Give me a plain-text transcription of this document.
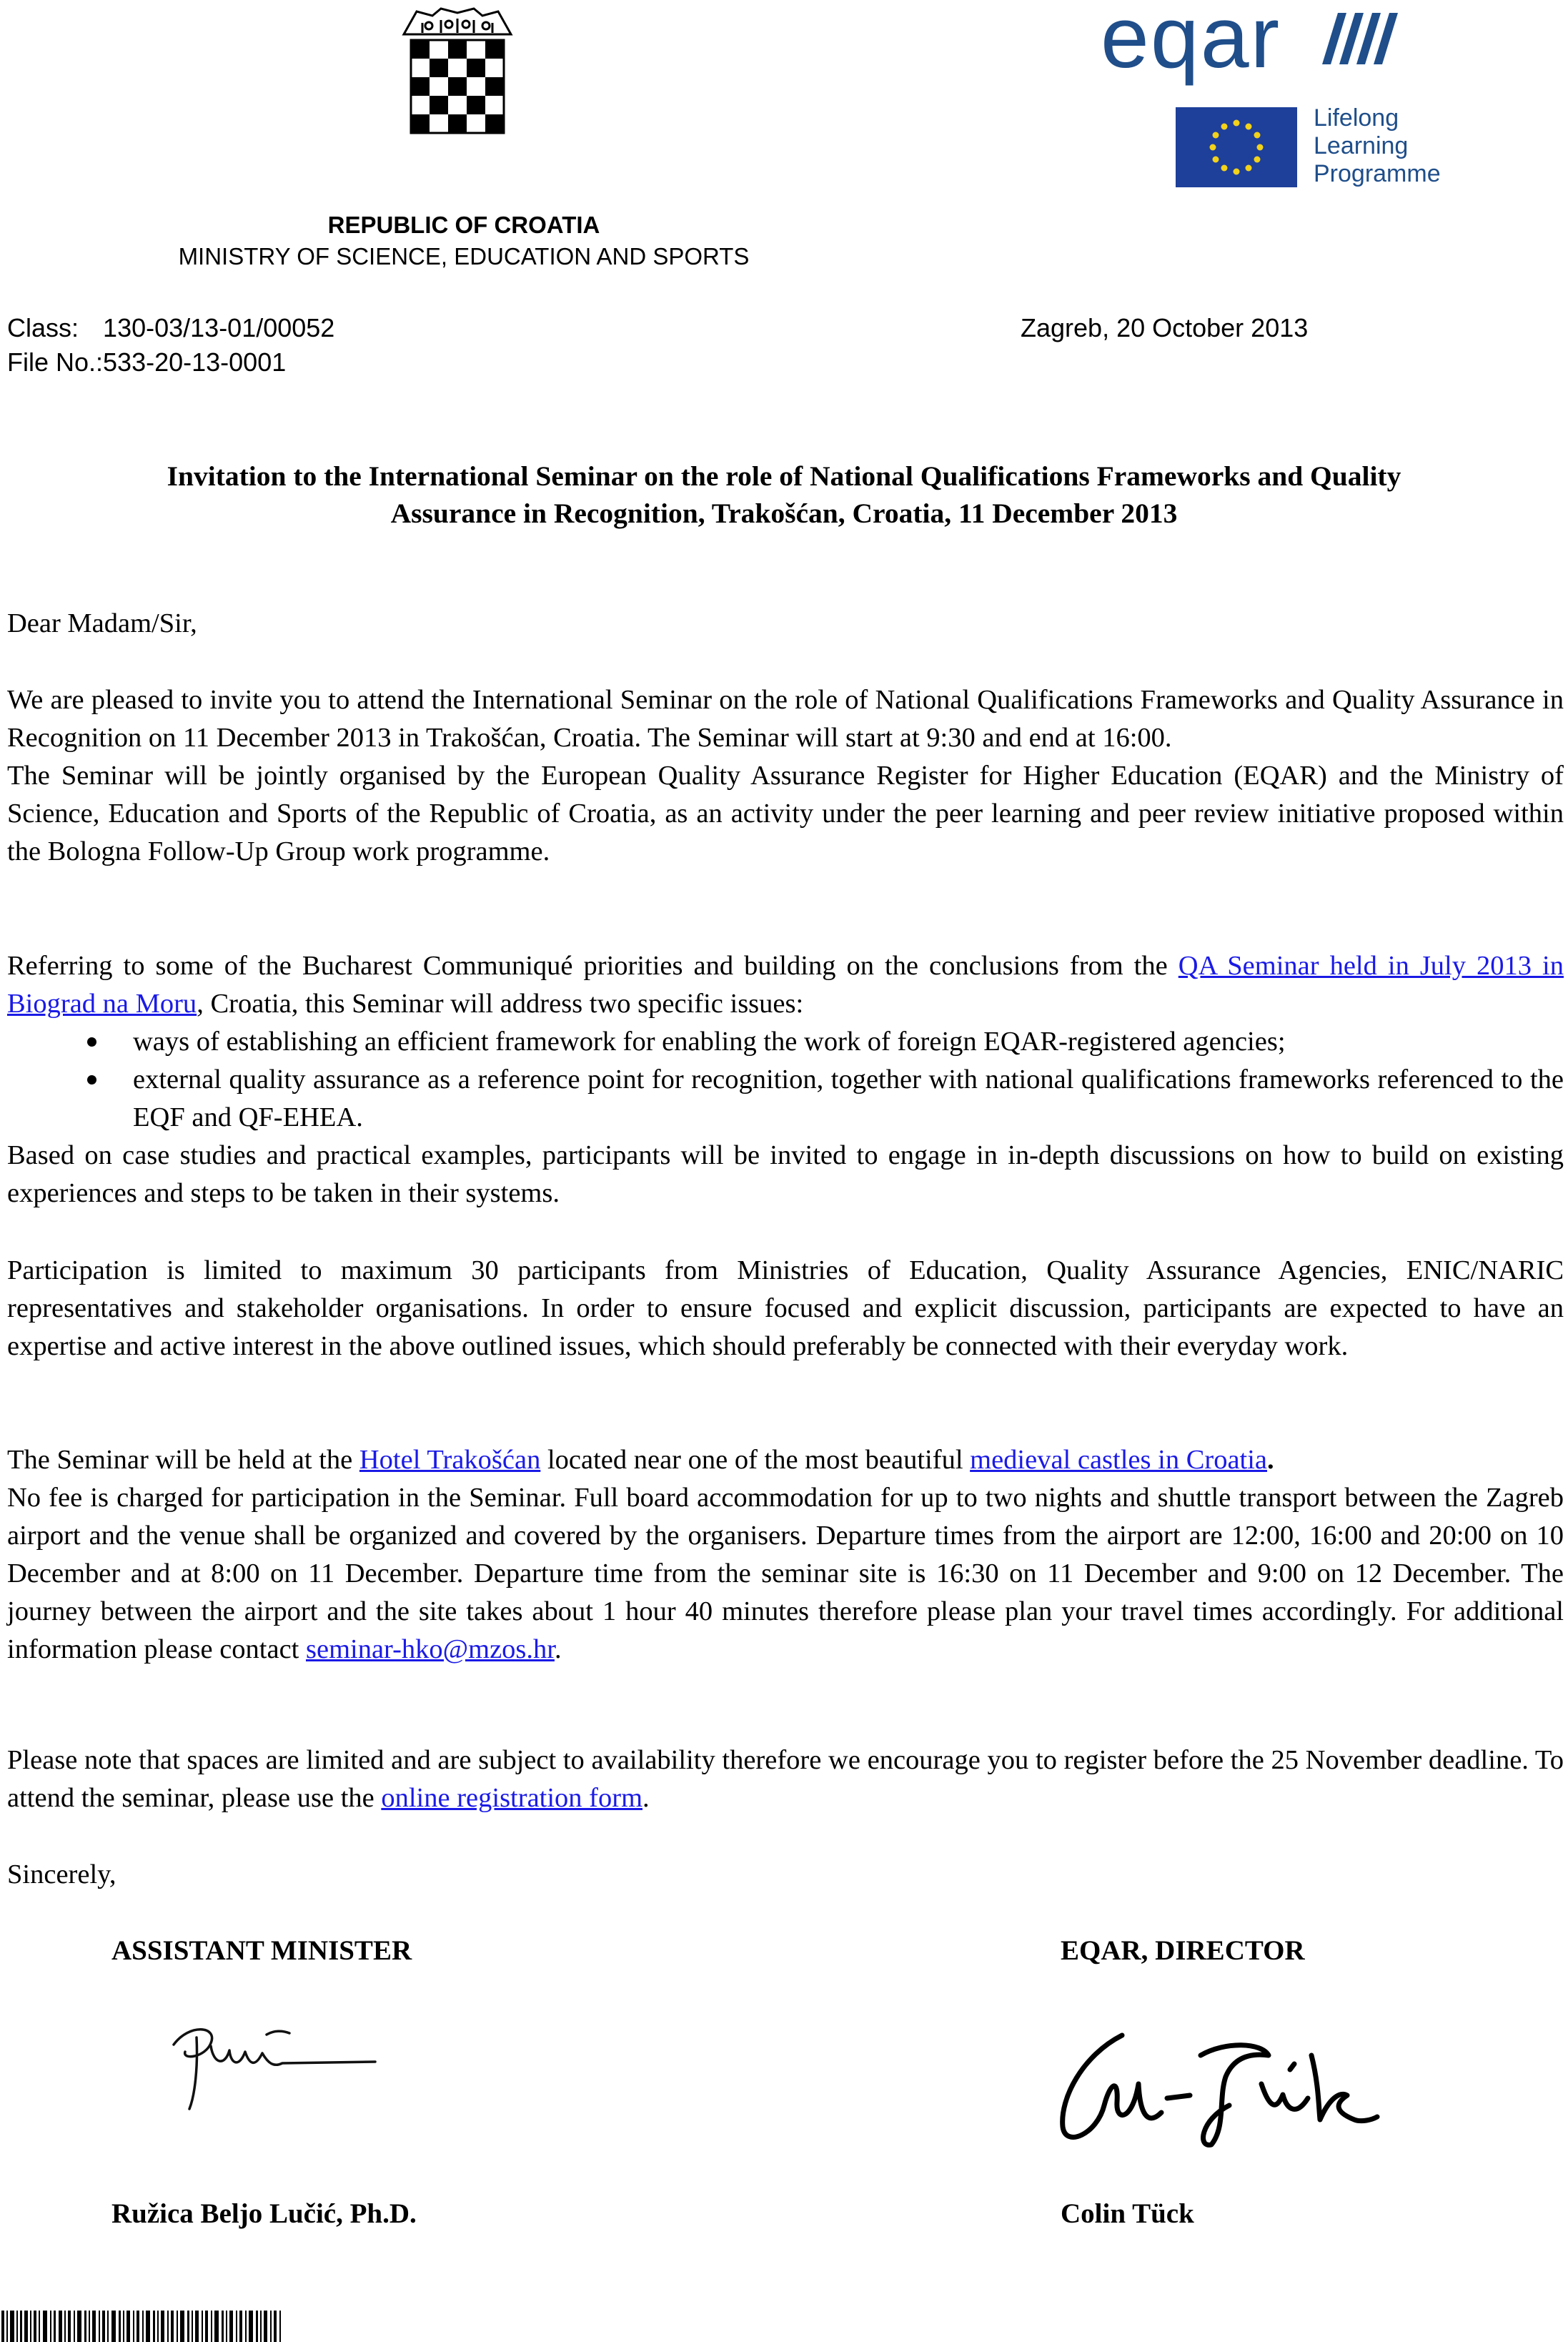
eqar
Lifelong
Learning
Programme
REPUBLIC OF CROATIA
MINISTRY OF SCIENCE, EDUCATION AND SPORTS
Class: 130-03/13-01/00052
File No.:533-20-13-0001
Zagreb, 20 October 2013
Invitation to the International Seminar on the role of National Qualifications Frameworks and Quality
Assurance in Recognition, Trakošćan, Croatia, 11 December 2013
Dear Madam/Sir,

We are pleased to invite you to attend the International Seminar on the role of National Qualifications Frameworks and Quality Assurance in Recognition on 11 December 2013 in Trakošćan, Croatia. The Seminar will start at 9:30 and end at 16:00.

The Seminar will be jointly organised by the European Quality Assurance Register for Higher Education (EQAR) and the Ministry of Science, Education and Sports of the Republic of Croatia, as an activity under the peer learning and peer review initiative proposed within the Bologna Follow-Up Group work programme.

Referring to some of the Bucharest Communiqué priorities and building on the conclusions from the QA Seminar held in July 2013 in Biograd na Moru, Croatia, this Seminar will address two specific issues:

ways of establishing an efficient framework for enabling the work of foreign EQAR-registered agencies;
external quality assurance as a reference point for recognition, together with national qualifications frameworks referenced to the EQF and QF-EHEA.

Based on case studies and practical examples, participants will be invited to engage in in-depth discussions on how to build on existing experiences and steps to be taken in their systems.

Participation is limited to maximum 30 participants from Ministries of Education, Quality Assurance Agencies, ENIC/NARIC representatives and stakeholder organisations. In order to ensure focused and explicit discussion, participants are expected to have an expertise and active interest in the above outlined issues, which should preferably be connected with their everyday work.

The Seminar will be held at the Hotel Trakošćan located near one of the most beautiful medieval castles in Croatia.

No fee is charged for participation in the Seminar. Full board accommodation for up to two nights and shuttle transport between the Zagreb airport and the venue shall be organized and covered by the organisers. Departure times from the airport are 12:00, 16:00 and 20:00 on 10 December and at 8:00 on 11 December. Departure time from the seminar site is 16:30 on 11 December and 9:00 on 12 December. The journey between the airport and the site takes about 1 hour 40 minutes therefore please plan your travel times accordingly. For additional information please contact seminar-hko@mzos.hr.

Please note that spaces are limited and are subject to availability therefore we encourage you to register before the 25 November deadline. To attend the seminar, please use the online registration form.

Sincerely,
ASSISTANT MINISTER	EQAR, DIRECTOR
Ružica Beljo Lučić, Ph.D.	Colin Tück
